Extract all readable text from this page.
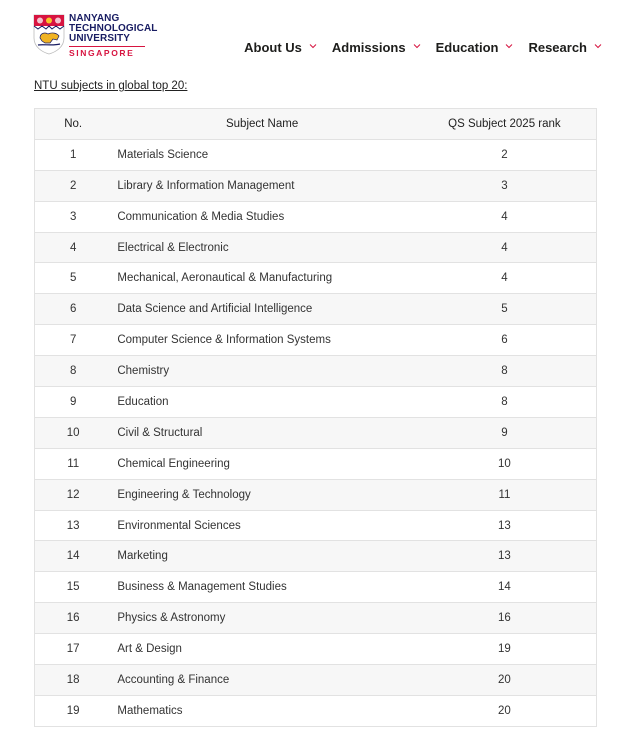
NANYANG
TECHNOLOGICAL
UNIVERSITY
SINGAPORE	About Us Admissions Education Research
NTU subjects in global top 20:
No.	Subject Name	QS Subject 2025 rank
1	Materials Science	2
2	Library & Information Management	3
3	Communication & Media Studies	4
4	Electrical & Electronic	4
5	Mechanical, Aeronautical & Manufacturing	4
6	Data Science and Artificial Intelligence	5
7	Computer Science & Information Systems	6
8	Chemistry	8
9	Education	8
10	Civil & Structural	9
11	Chemical Engineering	10
12	Engineering & Technology	11
13	Environmental Sciences	13
14	Marketing	13
15	Business & Management Studies	14
16	Physics & Astronomy	16
17	Art & Design	19
18	Accounting & Finance	20
19	Mathematics	20
